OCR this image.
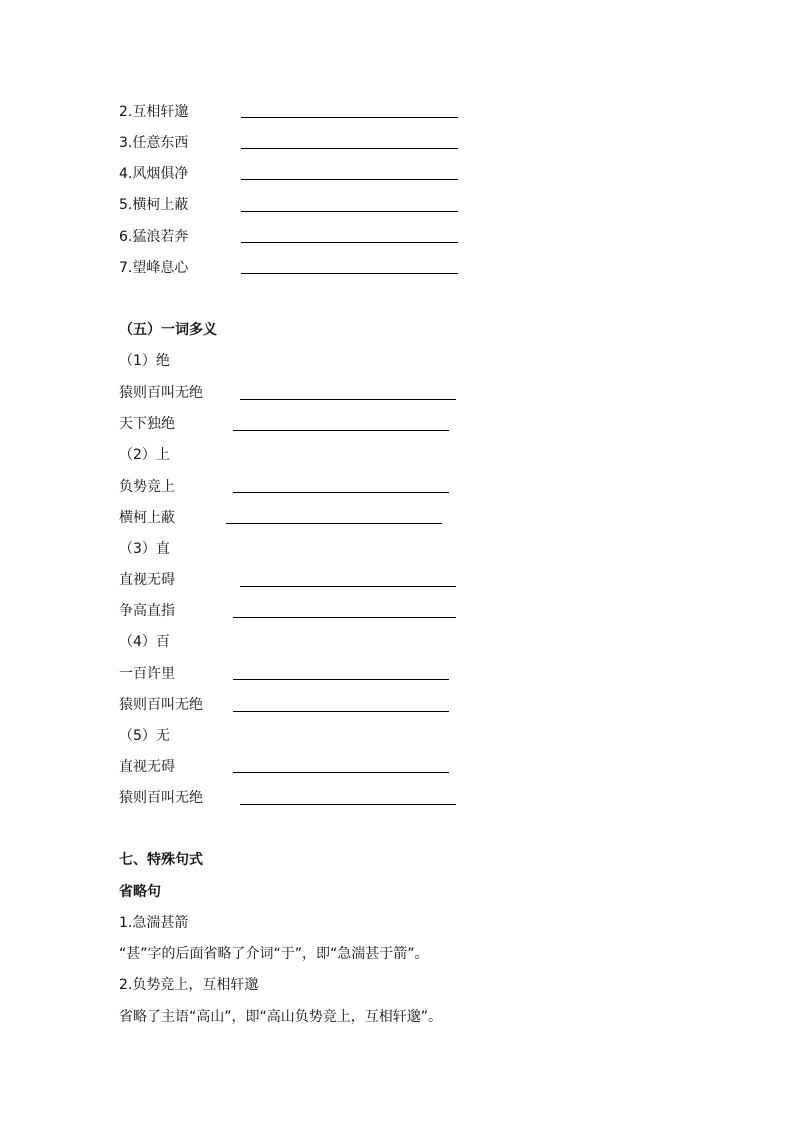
2.互相轩邈
3.任意东西
4.风烟俱净
5.横柯上蔽
6.猛浪若奔
7.望峰息心
（五）一词多义
（1）绝
猿则百叫无绝
天下独绝
（2）上
负势竞上
横柯上蔽
（3）直
直视无碍
争高直指
（4）百
一百许里
猿则百叫无绝
（5）无
直视无碍
猿则百叫无绝
七、特殊句式
省略句
1.急湍甚箭
“甚”字的后面省略了介词“于”，即“急湍甚于箭”。
2.负势竞上，互相轩邈
省略了主语“高山”，即“高山负势竞上，互相轩邈”。
